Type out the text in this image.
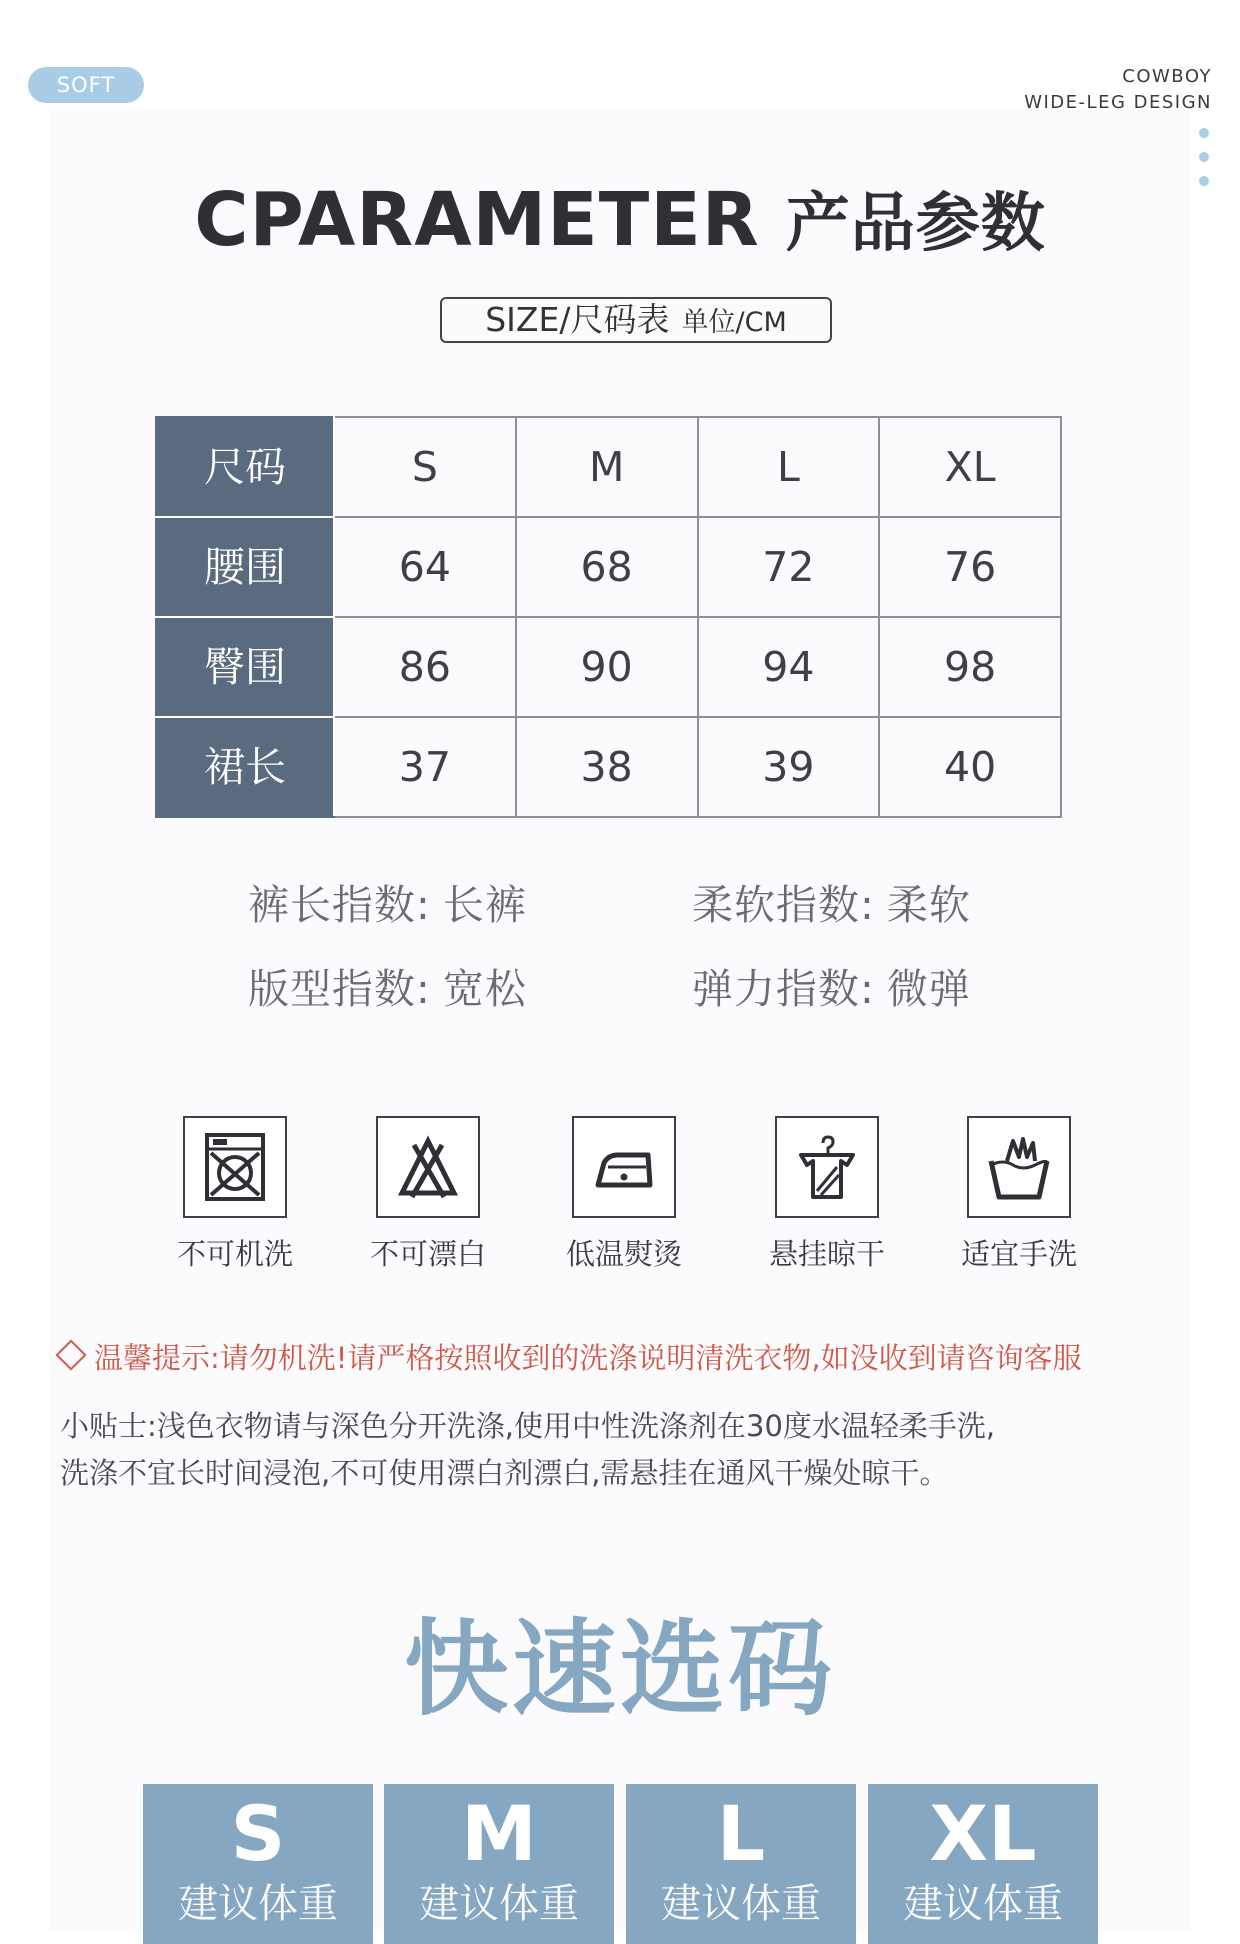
SOFT	COWBOY
WIDE-LEG DESIGN
CPARAMETER 产品参数
SIZE/尺码表 单位/CM
尺码	S	M	L	XL
腰围	64	68	72	76
臀围	86	90	94	98
裙长	37	38	39	40
裤长指数: 长裤	柔软指数: 柔软
版型指数: 宽松	弹力指数: 微弹
不可机洗	不可漂白	低温熨烫	悬挂晾干	适宜手洗
温馨提示:请勿机洗!请严格按照收到的洗涤说明清洗衣物,如没收到请咨询客服
小贴士:浅色衣物请与深色分开洗涤,使用中性洗涤剂在30度水温轻柔手洗,
洗涤不宜长时间浸泡,不可使用漂白剂漂白,需悬挂在通风干燥处晾干。
快速选码
S
建议体重
M
建议体重
L
建议体重
XL
建议体重
